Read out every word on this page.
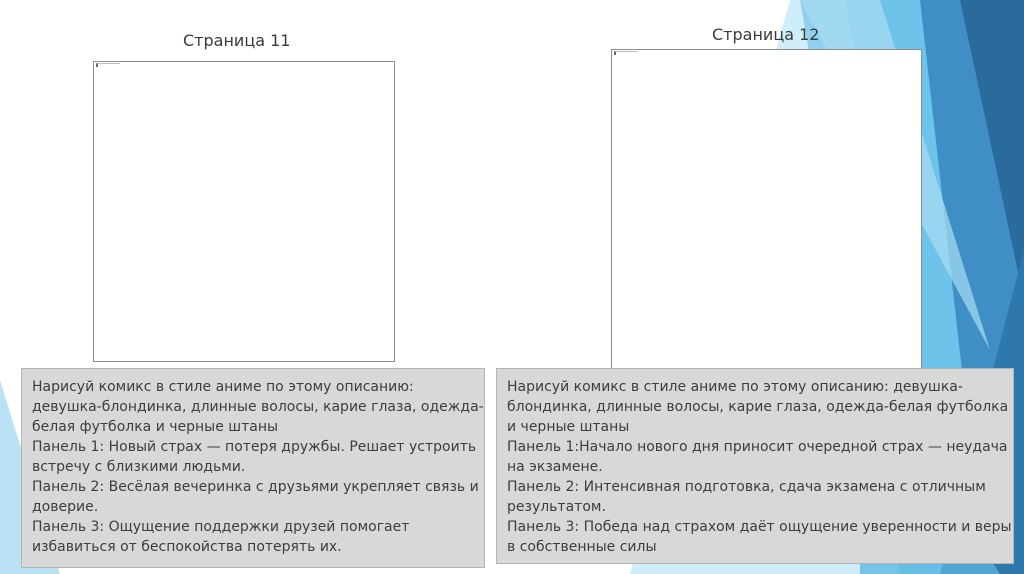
Страница 11	Страница 12
Нарисуй комикс в стиле аниме по этому описанию:
девушка-блондинка, длинные волосы, карие глаза, одежда-
белая футболка и черные штаны
Панель 1: Новый страх — потеря дружбы. Решает устроить
встречу с близкими людьми.
Панель 2: Весёлая вечеринка с друзьями укрепляет связь и
доверие.
Панель 3: Ощущение поддержки друзей помогает
избавиться от беспокойства потерять их.
Нарисуй комикс в стиле аниме по этому описанию: девушка-
блондинка, длинные волосы, карие глаза, одежда-белая футболка
и черные штаны
Панель 1:Начало нового дня приносит очередной страх — неудача
на экзамене.
Панель 2: Интенсивная подготовка, сдача экзамена с отличным
результатом.
Панель 3: Победа над страхом даёт ощущение уверенности и веры
в собственные силы
